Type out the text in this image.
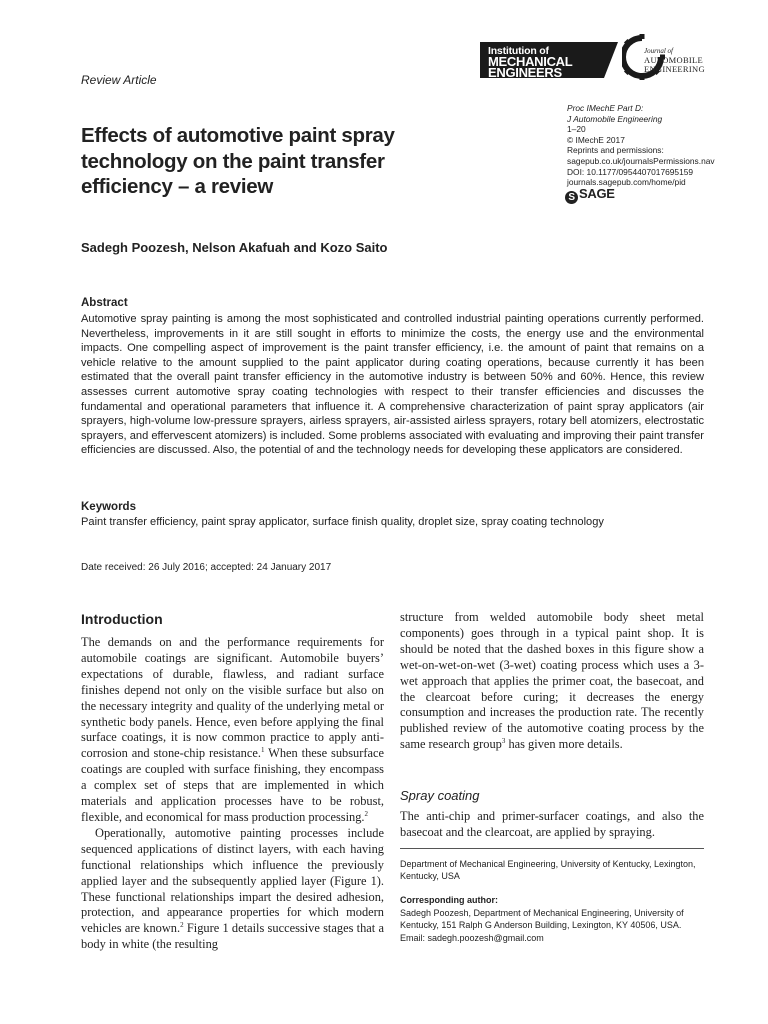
Review Article
Institution of
MECHANICAL
ENGINEERS
Journal of
AUTOMOBILE
ENGINEERING
Proc IMechE Part D:
J Automobile Engineering
1–20
© IMechE 2017
Reprints and permissions:
sagepub.co.uk/journalsPermissions.nav
DOI: 10.1177/0954407017695159
journals.sagepub.com/home/pid
S SAGE
Effects of automotive paint spray technology on the paint transfer efficiency – a review
Sadegh Poozesh, Nelson Akafuah and Kozo Saito
Abstract
Automotive spray painting is among the most sophisticated and controlled industrial painting operations currently performed. Nevertheless, improvements in it are still sought in efforts to minimize the costs, the energy use and the environmental impacts. One compelling aspect of improvement is the paint transfer efficiency, i.e. the amount of paint that remains on a vehicle relative to the amount supplied to the paint applicator during coating operations, because currently it has been estimated that the overall paint transfer efficiency in the automotive industry is between 50% and 60%. Hence, this review assesses current automotive spray coating technologies with respect to their transfer efficiencies and discusses the fundamental and operational parameters that influence it. A comprehensive characterization of paint spray applicators (air sprayers, high-volume low-pressure sprayers, airless sprayers, air-assisted airless sprayers, rotary bell atomizers, electrostatic sprayers, and effervescent atomizers) is included. Some problems associated with evaluating and improving their paint transfer efficiencies are discussed. Also, the potential of and the technology needs for developing these applicators are considered.
Keywords
Paint transfer efficiency, paint spray applicator, surface finish quality, droplet size, spray coating technology
Date received: 26 July 2016; accepted: 24 January 2017
Introduction

The demands on and the performance requirements for automobile coatings are significant. Automobile buyers’ expectations of durable, flawless, and radiant surface finishes depend not only on the visible surface but also on the necessary integrity and quality of the underlying metal or synthetic body panels. Hence, even before applying the final surface coatings, it is now common practice to apply anti-corrosion and stone-chip resistance.$^1$ When these subsurface coatings are coupled with surface finishing, they encompass a complex set of steps that are implemented in which materials and application processes have to be robust, flexible, and economical for mass production processing.$^2$

Operationally, automotive painting processes include sequenced applications of distinct layers, with each having functional relationships which influence the previously applied layer and the subsequently applied layer (Figure 1). These functional relationships impart the desired adhesion, protection, and appearance properties for which modern vehicles are known.$^2$ Figure 1 details successive stages that a body in white (the resulting

structure from welded automobile body sheet metal components) goes through in a typical paint shop. It is should be noted that the dashed boxes in this figure show a wet-on-wet-on-wet (3-wet) coating process which uses a 3-wet approach that applies the primer coat, the basecoat, and the clearcoat before curing; it decreases the energy consumption and increases the production rate. The recently published review of the automotive coating process by the same research group$^3$ has given more details.

Spray coating
The anti-chip and primer-surfacer coatings, and also the basecoat and the clearcoat, are applied by spraying.
Department of Mechanical Engineering, University of Kentucky, Lexington, Kentucky, USA
Corresponding author:
Sadegh Poozesh, Department of Mechanical Engineering, University of Kentucky, 151 Ralph G Anderson Building, Lexington, KY 40506, USA.
Email: sadegh.poozesh@gmail.com
